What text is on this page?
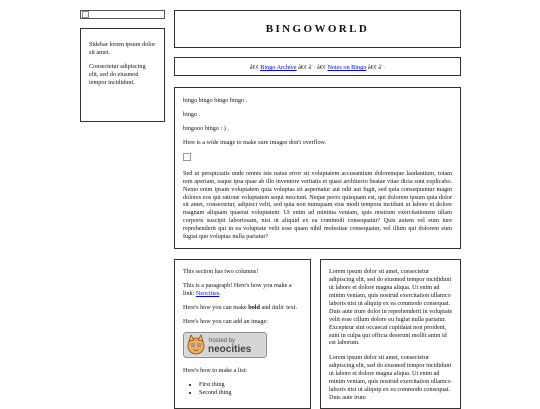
Sidebar lorem ipsum dolor sit amet.

Consectetur adipiscing elit, sed do eiusmod tempor incididunt.

BINGOWORLD
â€¢ Bingo Archive â€¢ â¨· â€¢ Notes on Bingo â€¢ â¨·

bingo bingo bingo bingo .

bingo .

bingooo bingo : ) .

Here is a wide image to make sure images don't overflow.

Sed ut perspiciatis unde omnis iste natus error sit voluptatem accusantium doloremque laudantium, totam rem aperiam, eaque ipsa quae ab illo inventore veritatis et quasi architecto beatae vitae dicta sunt explicabo. Nemo enim ipsam voluptatem quia voluptas sit aspernatur aut odit aut fugit, sed quia consequuntur magni dolores eos qui ratione voluptatem sequi nesciunt. Neque porro quisquam est, qui dolorem ipsum quia dolor sit amet, consectetur, adipisci velit, sed quia non numquam eius modi tempora incidunt ut labore et dolore magnam aliquam quaerat voluptatem. Ut enim ad minima veniam, quis nostrum exercitationem ullam corporis suscipit laboriosam, nisi ut aliquid ex ea commodi consequatur? Quis autem vel eum iure reprehenderit qui in ea voluptate velit esse quam nihil molestiae consequatur, vel illum qui dolorem eum fugiat quo voluptas nulla pariatur?

This section has two columns!

This is a paragraph! Here's how you make a link: Neocities.

Here's how you can make bold and italic text.

Here's how you can add an image:

hosted by
neocities

Here's how to make a list:

• First thing
• Second thing

Lorem ipsum dolor sit amet, consectetur adipiscing elit, sed do eiusmod tempor incididunt ut labore et dolore magna aliqua. Ut enim ad minim veniam, quis nostrud exercitation ullamco laboris nisi ut aliquip ex ea commodo consequat. Duis aute irure dolor in reprehenderit in voluptate velit esse cillum dolore eu fugiat nulla pariatur. Excepteur sint occaecat cupidatat non proident, sunt in culpa qui officia deserunt mollit anim id est laborum.

Lorem ipsum dolor sit amet, consectetur adipiscing elit, sed do eiusmod tempor incididunt ut labore et dolore magna aliqua. Ut enim ad minim veniam, quis nostrud exercitation ullamco laboris nisi ut aliquip ex ea commodo consequat. Duis aute irure
